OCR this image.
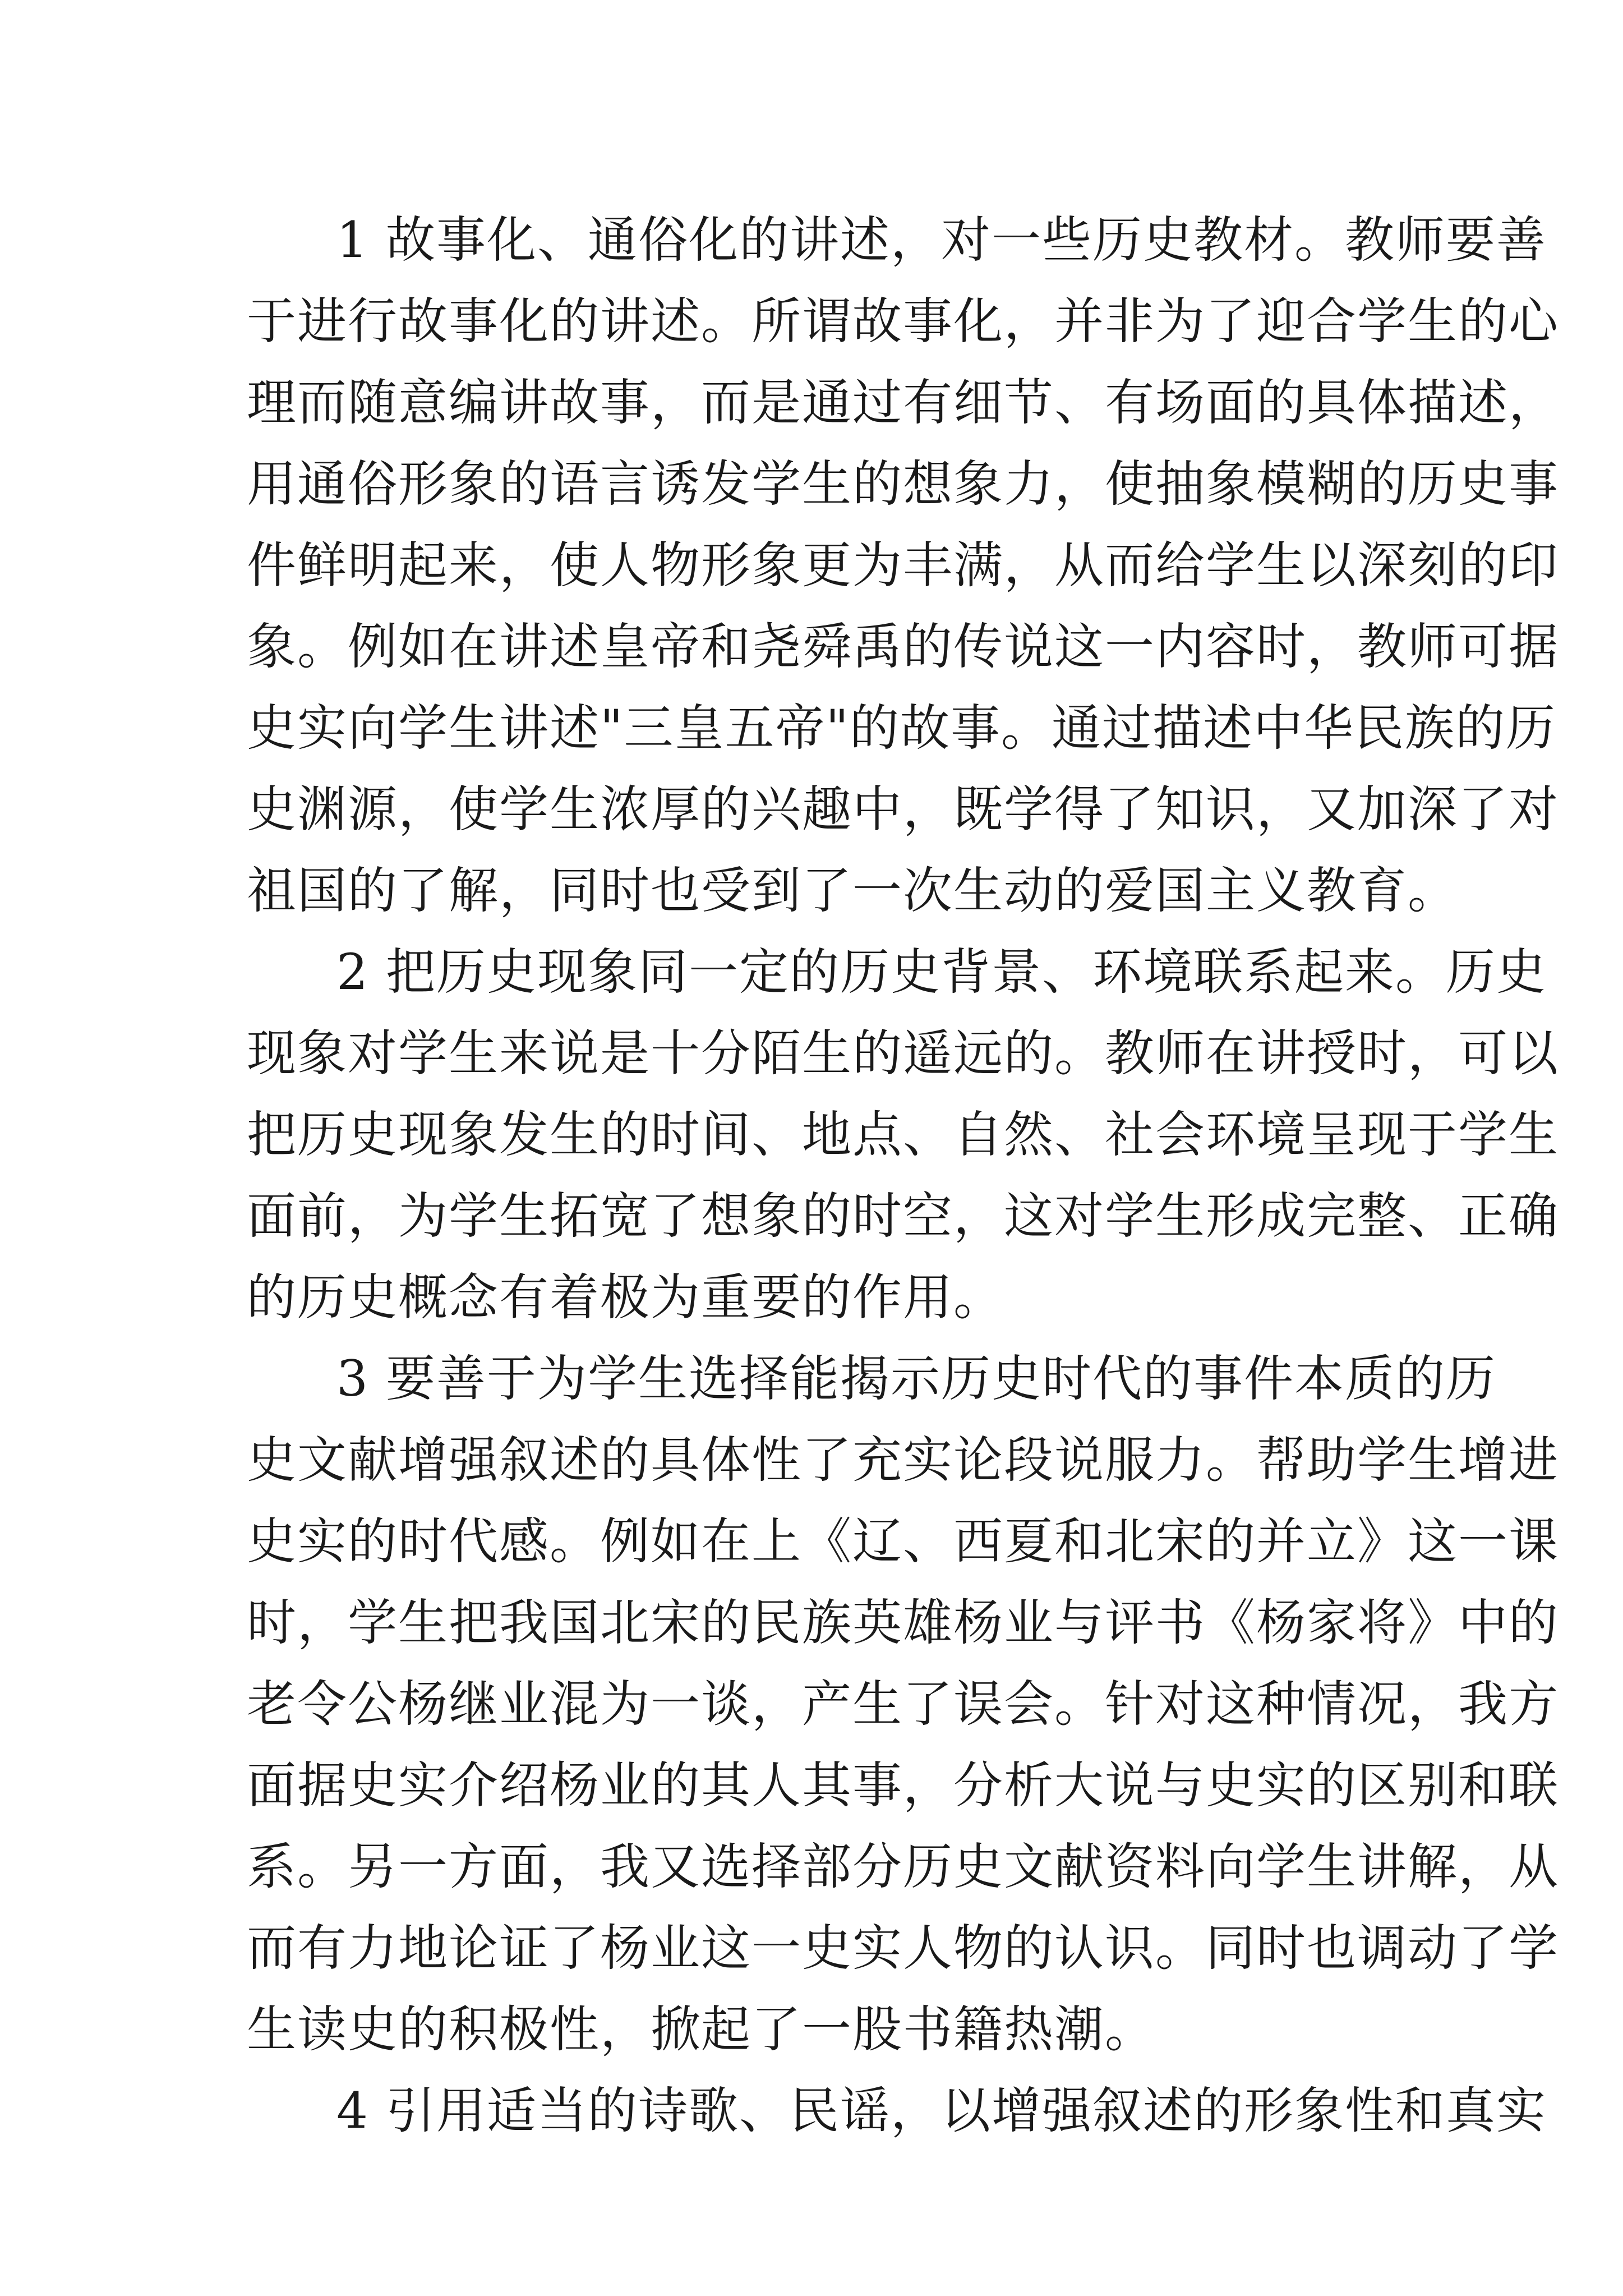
1 故事化、通俗化的讲述，对一些历史教材。教师要善
于进行故事化的讲述。所谓故事化，并非为了迎合学生的心
理而随意编讲故事，而是通过有细节、有场面的具体描述，
用通俗形象的语言诱发学生的想象力，使抽象模糊的历史事
件鲜明起来，使人物形象更为丰满，从而给学生以深刻的印
象。例如在讲述皇帝和尧舜禹的传说这一内容时，教师可据
史实向学生讲述"三皇五帝"的故事。通过描述中华民族的历
史渊源，使学生浓厚的兴趣中，既学得了知识，又加深了对
祖国的了解，同时也受到了一次生动的爱国主义教育。
2 把历史现象同一定的历史背景、环境联系起来。历史
现象对学生来说是十分陌生的遥远的。教师在讲授时，可以
把历史现象发生的时间、地点、自然、社会环境呈现于学生
面前，为学生拓宽了想象的时空，这对学生形成完整、正确
的历史概念有着极为重要的作用。
3 要善于为学生选择能揭示历史时代的事件本质的历
史文献增强叙述的具体性了充实论段说服力。帮助学生增进
史实的时代感。例如在上《辽、西夏和北宋的并立》这一课
时，学生把我国北宋的民族英雄杨业与评书《杨家将》中的
老令公杨继业混为一谈，产生了误会。针对这种情况，我方
面据史实介绍杨业的其人其事，分析大说与史实的区别和联
系。另一方面，我又选择部分历史文献资料向学生讲解，从
而有力地论证了杨业这一史实人物的认识。同时也调动了学
生读史的积极性，掀起了一股书籍热潮。
4 引用适当的诗歌、民谣，以增强叙述的形象性和真实
